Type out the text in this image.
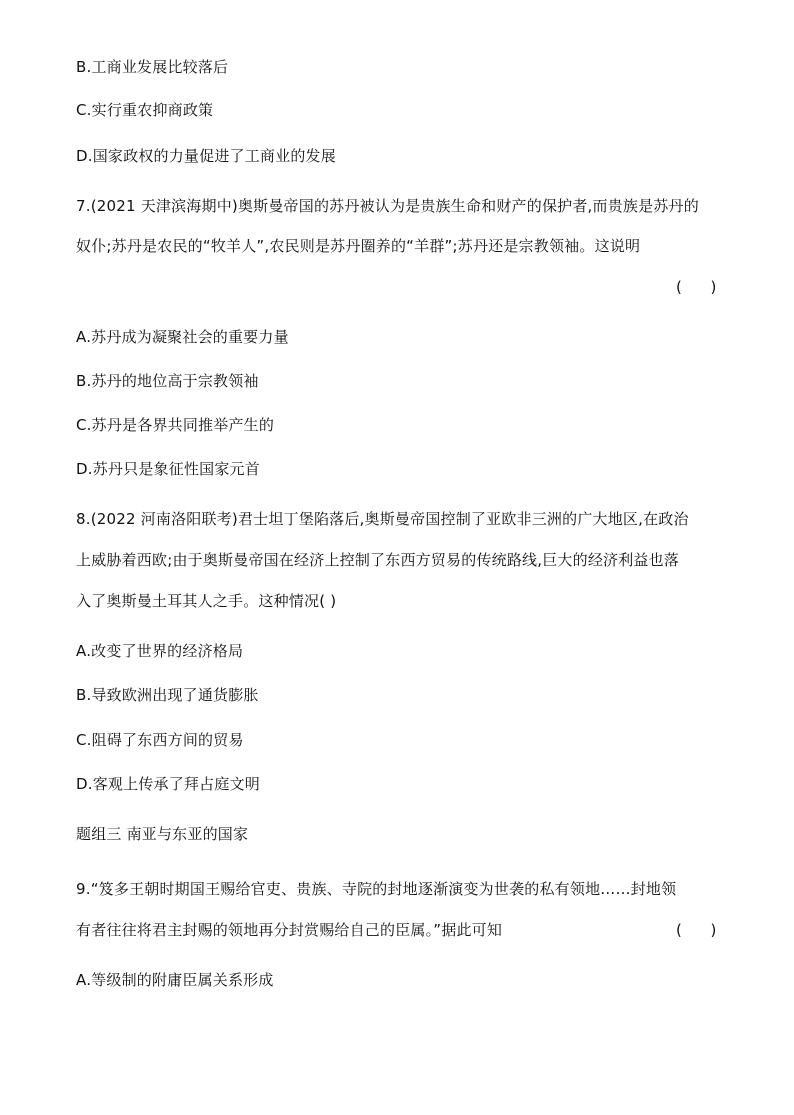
B.工商业发展比较落后
C.实行重农抑商政策
D.国家政权的力量促进了工商业的发展
7.(2021 天津滨海期中)奥斯曼帝国的苏丹被认为是贵族生命和财产的保护者,而贵族是苏丹的
奴仆;苏丹是农民的“牧羊人”,农民则是苏丹圈养的“羊群”;苏丹还是宗教领袖。这说明
(      )
A.苏丹成为凝聚社会的重要力量
B.苏丹的地位高于宗教领袖
C.苏丹是各界共同推举产生的
D.苏丹只是象征性国家元首
8.(2022 河南洛阳联考)君士坦丁堡陷落后,奥斯曼帝国控制了亚欧非三洲的广大地区,在政治
上威胁着西欧;由于奥斯曼帝国在经济上控制了东西方贸易的传统路线,巨大的经济利益也落
入了奥斯曼土耳其人之手。这种情况( )
A.改变了世界的经济格局
B.导致欧洲出现了通货膨胀
C.阻碍了东西方间的贸易
D.客观上传承了拜占庭文明
题组三 南亚与东亚的国家
9.“笈多王朝时期国王赐给官吏、贵族、寺院的封地逐渐演变为世袭的私有领地……封地领
有者往往将君主封赐的领地再分封赏赐给自己的臣属。”据此可知	(      )
A.等级制的附庸臣属关系形成
